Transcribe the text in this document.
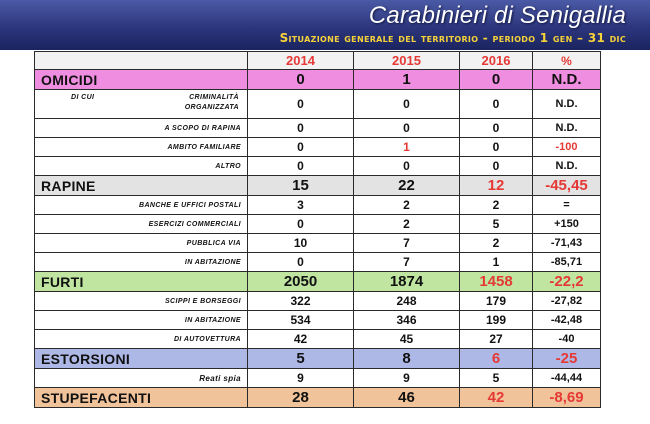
Carabinieri di Senigallia
Situazione generale del territorio - periodo 1 gen – 31 dic
	2014	2015	2016	%
OMICIDI	0	1	0	N.D.

DI CUI CRIMINALITÀ ORGANIZZATA	0	0	0	N.D.
A SCOPO DI RAPINA	0	0	0	N.D.
AMBITO FAMILIARE	0	1	0	-100
ALTRO	0	0	0	N.D.
RAPINE	15	22	12	-45,45
BANCHE E UFFICI POSTALI	3	2	2	=
ESERCIZI COMMERCIALI	0	2	5	+150
PUBBLICA VIA	10	7	2	-71,43
IN ABITAZIONE	0	7	1	-85,71
FURTI	2050	1874	1458	-22,2
SCIPPI E BORSEGGI	322	248	179	-27,82
IN ABITAZIONE	534	346	199	-42,48
DI AUTOVETTURA	42	45	27	-40
ESTORSIONI	5	8	6	-25
Reati spia	9	9	5	-44,44
STUPEFACENTI	28	46	42	-8,69
